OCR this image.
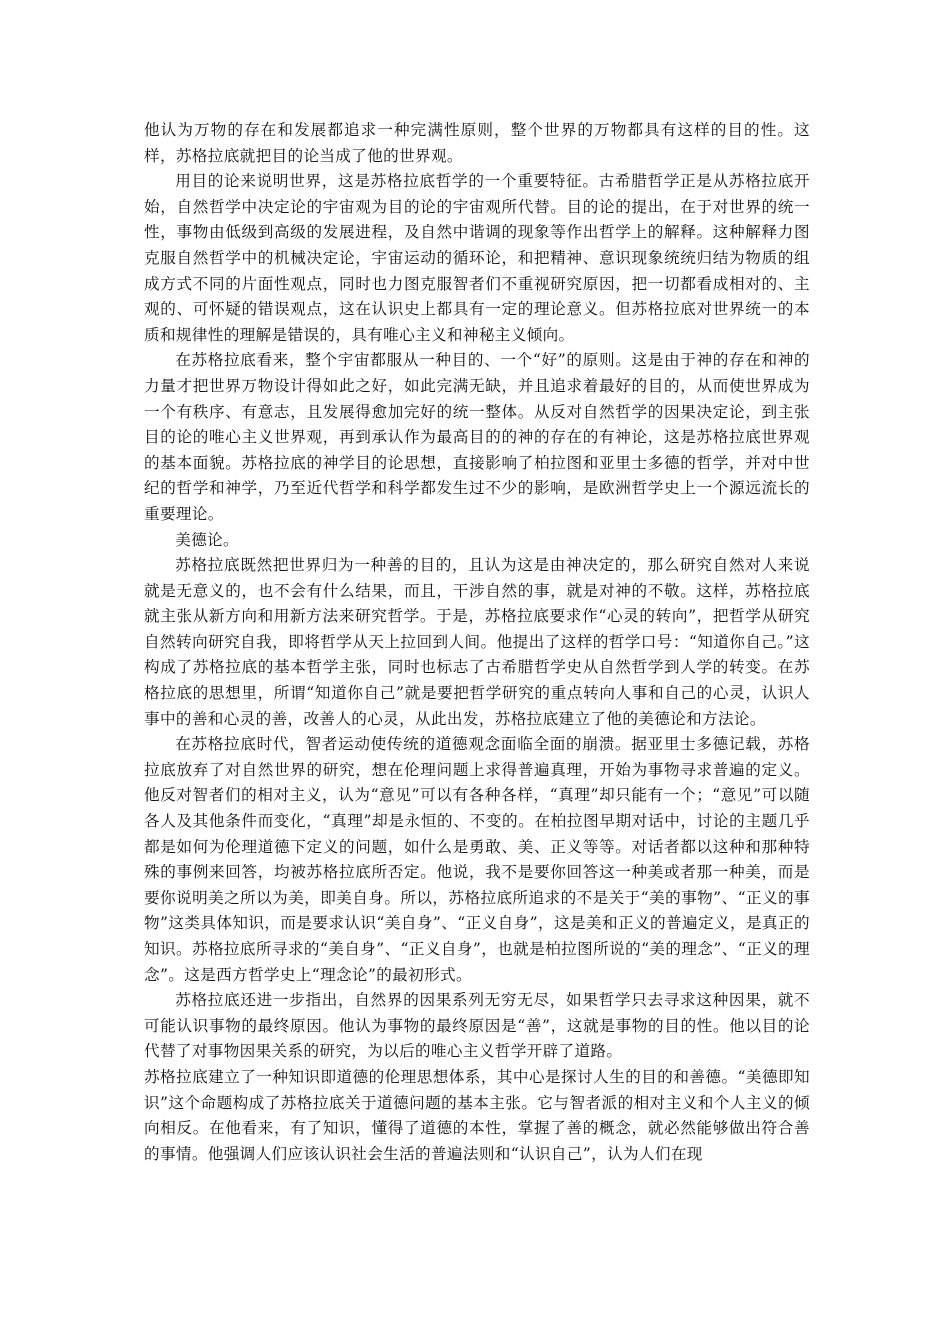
他认为万物的存在和发展都追求一种完满性原则，整个世界的万物都具有这样的目的性。这样，苏格拉底就把目的论当成了他的世界观。

用目的论来说明世界，这是苏格拉底哲学的一个重要特征。古希腊哲学正是从苏格拉底开始，自然哲学中决定论的宇宙观为目的论的宇宙观所代替。目的论的提出，在于对世界的统一性，事物由低级到高级的发展进程，及自然中谐调的现象等作出哲学上的解释。这种解释力图克服自然哲学中的机械决定论，宇宙运动的循环论，和把精神、意识现象统统归结为物质的组成方式不同的片面性观点，同时也力图克服智者们不重视研究原因，把一切都看成相对的、主观的、可怀疑的错误观点，这在认识史上都具有一定的理论意义。但苏格拉底对世界统一的本质和规律性的理解是错误的，具有唯心主义和神秘主义倾向。

在苏格拉底看来，整个宇宙都服从一种目的、一个“好”的原则。这是由于神的存在和神的力量才把世界万物设计得如此之好，如此完满无缺，并且追求着最好的目的，从而使世界成为一个有秩序、有意志，且发展得愈加完好的统一整体。从反对自然哲学的因果决定论，到主张目的论的唯心主义世界观，再到承认作为最高目的的神的存在的有神论，这是苏格拉底世界观的基本面貌。苏格拉底的神学目的论思想，直接影响了柏拉图和亚里士多德的哲学，并对中世纪的哲学和神学，乃至近代哲学和科学都发生过不少的影响，是欧洲哲学史上一个源远流长的重要理论。

美德论。

苏格拉底既然把世界归为一种善的目的，且认为这是由神决定的，那么研究自然对人来说就是无意义的，也不会有什么结果，而且，干涉自然的事，就是对神的不敬。这样，苏格拉底就主张从新方向和用新方法来研究哲学。于是，苏格拉底要求作“心灵的转向”，把哲学从研究自然转向研究自我，即将哲学从天上拉回到人间。他提出了这样的哲学口号：“知道你自己。”这构成了苏格拉底的基本哲学主张，同时也标志了古希腊哲学史从自然哲学到人学的转变。在苏格拉底的思想里，所谓“知道你自己”就是要把哲学研究的重点转向人事和自己的心灵，认识人事中的善和心灵的善，改善人的心灵，从此出发，苏格拉底建立了他的美德论和方法论。

在苏格拉底时代，智者运动使传统的道德观念面临全面的崩溃。据亚里士多德记载，苏格拉底放弃了对自然世界的研究，想在伦理问题上求得普遍真理，开始为事物寻求普遍的定义。他反对智者们的相对主义，认为“意见”可以有各种各样，“真理”却只能有一个；“意见”可以随各人及其他条件而变化，“真理”却是永恒的、不变的。在柏拉图早期对话中，讨论的主题几乎都是如何为伦理道德下定义的问题，如什么是勇敢、美、正义等等。对话者都以这种和那种特殊的事例来回答，均被苏格拉底所否定。他说，我不是要你回答这一种美或者那一种美，而是要你说明美之所以为美，即美自身。所以，苏格拉底所追求的不是关于“美的事物”、“正义的事物”这类具体知识，而是要求认识“美自身”、“正义自身”，这是美和正义的普遍定义，是真正的知识。苏格拉底所寻求的“美自身”、“正义自身”，也就是柏拉图所说的“美的理念”、“正义的理念”。这是西方哲学史上“理念论”的最初形式。

苏格拉底还进一步指出，自然界的因果系列无穷无尽，如果哲学只去寻求这种因果，就不可能认识事物的最终原因。他认为事物的最终原因是“善”，这就是事物的目的性。他以目的论代替了对事物因果关系的研究，为以后的唯心主义哲学开辟了道路。

苏格拉底建立了一种知识即道德的伦理思想体系，其中心是探讨人生的目的和善德。“美德即知识”这个命题构成了苏格拉底关于道德问题的基本主张。它与智者派的相对主义和个人主义的倾向相反。在他看来，有了知识，懂得了道德的本性，掌握了善的概念，就必然能够做出符合善的事情。他强调人们应该认识社会生活的普遍法则和“认识自己”，认为人们在现
